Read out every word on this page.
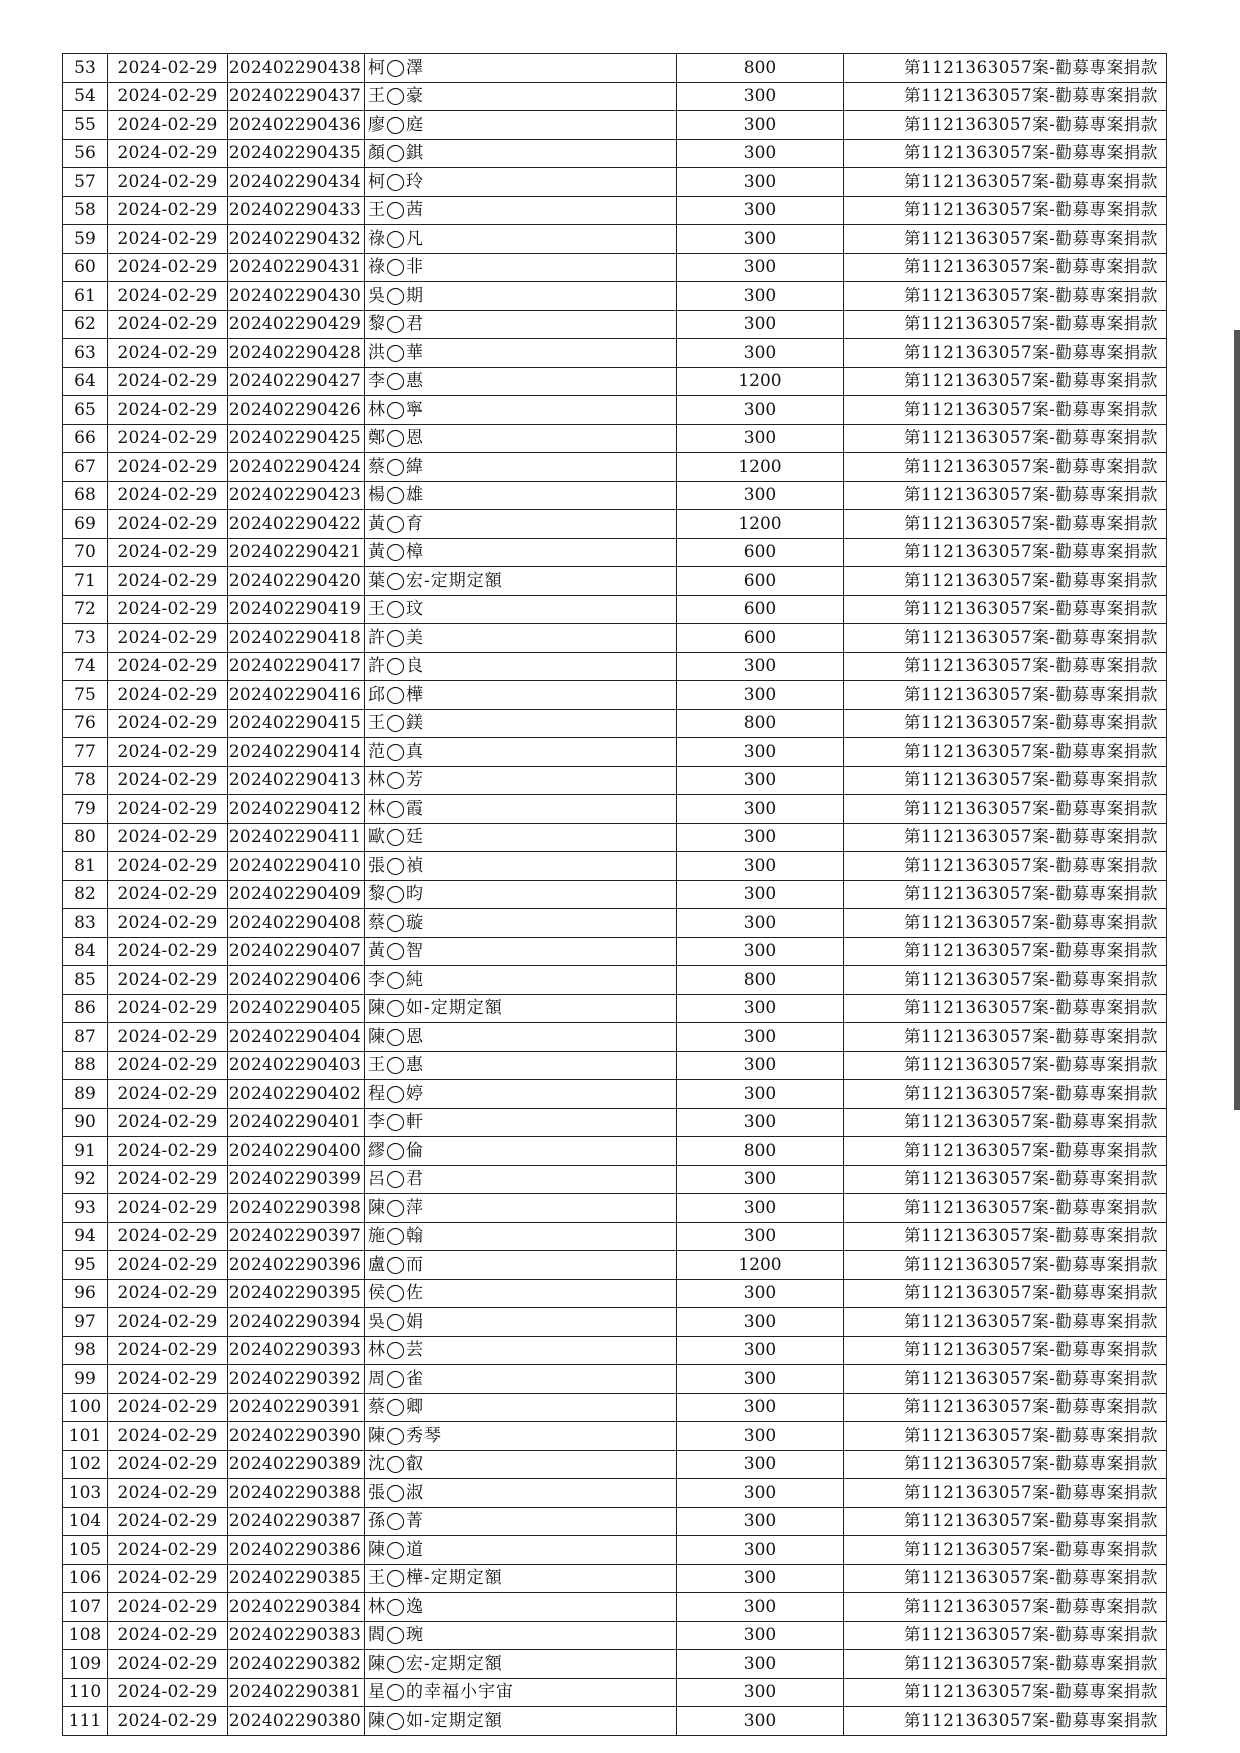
53	2024-02-29	202402290438	柯◯澤	800	第1121363057案-勸募專案捐款
54	2024-02-29	202402290437	王◯豪	300	第1121363057案-勸募專案捐款
55	2024-02-29	202402290436	廖◯庭	300	第1121363057案-勸募專案捐款
56	2024-02-29	202402290435	顏◯錤	300	第1121363057案-勸募專案捐款
57	2024-02-29	202402290434	柯◯玲	300	第1121363057案-勸募專案捐款
58	2024-02-29	202402290433	王◯茜	300	第1121363057案-勸募專案捐款
59	2024-02-29	202402290432	祿◯凡	300	第1121363057案-勸募專案捐款
60	2024-02-29	202402290431	祿◯非	300	第1121363057案-勸募專案捐款
61	2024-02-29	202402290430	吳◯期	300	第1121363057案-勸募專案捐款
62	2024-02-29	202402290429	黎◯君	300	第1121363057案-勸募專案捐款
63	2024-02-29	202402290428	洪◯華	300	第1121363057案-勸募專案捐款
64	2024-02-29	202402290427	李◯惠	1200	第1121363057案-勸募專案捐款
65	2024-02-29	202402290426	林◯寧	300	第1121363057案-勸募專案捐款
66	2024-02-29	202402290425	鄭◯恩	300	第1121363057案-勸募專案捐款
67	2024-02-29	202402290424	蔡◯緯	1200	第1121363057案-勸募專案捐款
68	2024-02-29	202402290423	楊◯雄	300	第1121363057案-勸募專案捐款
69	2024-02-29	202402290422	黃◯育	1200	第1121363057案-勸募專案捐款
70	2024-02-29	202402290421	黃◯樟	600	第1121363057案-勸募專案捐款
71	2024-02-29	202402290420	葉◯宏-定期定額	600	第1121363057案-勸募專案捐款
72	2024-02-29	202402290419	王◯玟	600	第1121363057案-勸募專案捐款
73	2024-02-29	202402290418	許◯美	600	第1121363057案-勸募專案捐款
74	2024-02-29	202402290417	許◯良	300	第1121363057案-勸募專案捐款
75	2024-02-29	202402290416	邱◯樺	300	第1121363057案-勸募專案捐款
76	2024-02-29	202402290415	王◯鎂	800	第1121363057案-勸募專案捐款
77	2024-02-29	202402290414	范◯真	300	第1121363057案-勸募專案捐款
78	2024-02-29	202402290413	林◯芳	300	第1121363057案-勸募專案捐款
79	2024-02-29	202402290412	林◯霞	300	第1121363057案-勸募專案捐款
80	2024-02-29	202402290411	歐◯廷	300	第1121363057案-勸募專案捐款
81	2024-02-29	202402290410	張◯禎	300	第1121363057案-勸募專案捐款
82	2024-02-29	202402290409	黎◯昀	300	第1121363057案-勸募專案捐款
83	2024-02-29	202402290408	蔡◯璇	300	第1121363057案-勸募專案捐款
84	2024-02-29	202402290407	黃◯智	300	第1121363057案-勸募專案捐款
85	2024-02-29	202402290406	李◯純	800	第1121363057案-勸募專案捐款
86	2024-02-29	202402290405	陳◯如-定期定額	300	第1121363057案-勸募專案捐款
87	2024-02-29	202402290404	陳◯恩	300	第1121363057案-勸募專案捐款
88	2024-02-29	202402290403	王◯惠	300	第1121363057案-勸募專案捐款
89	2024-02-29	202402290402	程◯婷	300	第1121363057案-勸募專案捐款
90	2024-02-29	202402290401	李◯軒	300	第1121363057案-勸募專案捐款
91	2024-02-29	202402290400	繆◯倫	800	第1121363057案-勸募專案捐款
92	2024-02-29	202402290399	呂◯君	300	第1121363057案-勸募專案捐款
93	2024-02-29	202402290398	陳◯萍	300	第1121363057案-勸募專案捐款
94	2024-02-29	202402290397	施◯翰	300	第1121363057案-勸募專案捐款
95	2024-02-29	202402290396	盧◯而	1200	第1121363057案-勸募專案捐款
96	2024-02-29	202402290395	侯◯佐	300	第1121363057案-勸募專案捐款
97	2024-02-29	202402290394	吳◯娟	300	第1121363057案-勸募專案捐款
98	2024-02-29	202402290393	林◯芸	300	第1121363057案-勸募專案捐款
99	2024-02-29	202402290392	周◯雀	300	第1121363057案-勸募專案捐款
100	2024-02-29	202402290391	蔡◯卿	300	第1121363057案-勸募專案捐款
101	2024-02-29	202402290390	陳◯秀琴	300	第1121363057案-勸募專案捐款
102	2024-02-29	202402290389	沈◯叡	300	第1121363057案-勸募專案捐款
103	2024-02-29	202402290388	張◯淑	300	第1121363057案-勸募專案捐款
104	2024-02-29	202402290387	孫◯菁	300	第1121363057案-勸募專案捐款
105	2024-02-29	202402290386	陳◯道	300	第1121363057案-勸募專案捐款
106	2024-02-29	202402290385	王◯樺-定期定額	300	第1121363057案-勸募專案捐款
107	2024-02-29	202402290384	林◯逸	300	第1121363057案-勸募專案捐款
108	2024-02-29	202402290383	閻◯琬	300	第1121363057案-勸募專案捐款
109	2024-02-29	202402290382	陳◯宏-定期定額	300	第1121363057案-勸募專案捐款
110	2024-02-29	202402290381	星◯的幸福小宇宙	300	第1121363057案-勸募專案捐款
111	2024-02-29	202402290380	陳◯如-定期定額	300	第1121363057案-勸募專案捐款
